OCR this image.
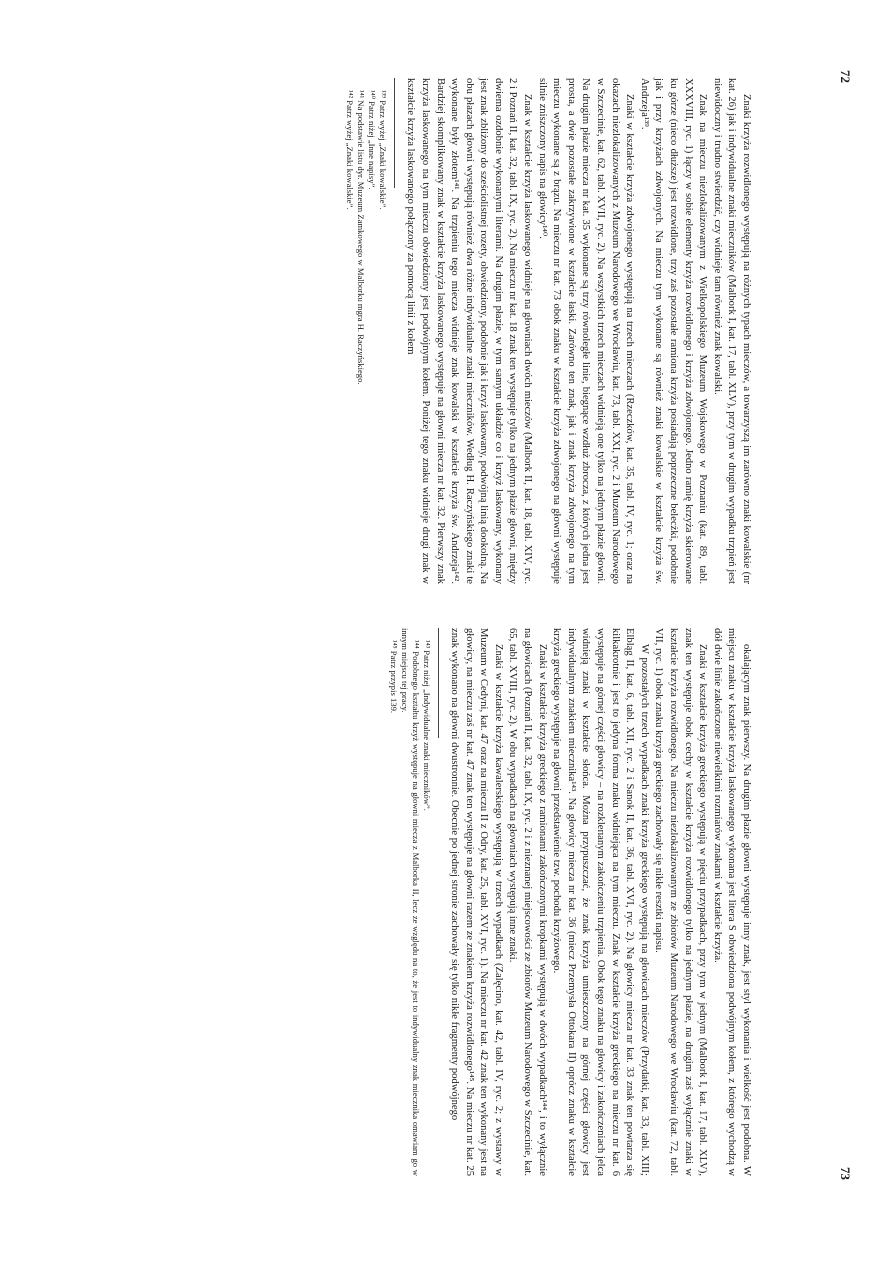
72

Znaki krzyża rozwidlonego występują na różnych typach mieczów, a towarzyszą im zarówno znaki kowalskie (nr kat. 26) jak i indywidualne znaki mieczników (Malbork I, kat. 17, tabl. XLV), przy tym w drugim wypadku trzpień jest niewidoczny i trudno stwierdzić, czy widnieje tam również znak kowalski.

Znak na mieczu niezlokalizowanym z Wielkopolskiego Muzeum Wojskowego w Poznaniu (kat. 89, tabl. XXXVIII, ryc. 1) łączy w sobie elementy krzyża rozwidlonego i krzyża zdwojonego. Jedno ramię krzyża skierowane ku górze (nieco dłuższe) jest rozwidlone, trzy zaś pozostałe ramiona krzyża posiadają poprzeczne belecżki, podobnie jak i przy krzyżach zdwojonych. Na mieczu tym wykonane są również znaki kowalskie w kształcie krzyża św. Andrzeja¹³⁹.

Znaki w kształcie krzyża zdwojonego występują na trzech mieczach (Rzeczków, kat. 35, tabl. IV, ryc. 1; oraz na okazach niezlokalizowanych z Muzeum Narodowego we Wrocławiu, kat. 73, tabl. XXI, ryc. 2 i Muzeum Narodowego w Szczecinie, kat. 62, tabl. XVII, ryc. 2). Na wszystkich trzech mieczach widnieją one tylko na jednym płazie głowni. Na drugim płazie miecza nr kat. 35 wykonane są trzy równoległe linie, biegnące wzdłuż zbrocza, z których jedna jest prosta, a dwie pozostałe zakrzywione w kształcie łaski. Zarówno ten znak, jak i znak krzyża zdwojonego na tym mieczu wykonane są z brązu. Na mieczu nr kat. 73 obok znaku w kształcie krzyża zdwojonego na głowni występuje silnie zniszczony napis na głowicy¹⁴⁰.

Znak w kształcie krzyża laskowanego widnieje na głowniach dwóch mieczów (Malbork II, kat. 18, tabl. XIV, ryc. 2 i Poznań II, kat. 32, tabl. IX, ryc. 2). Na mieczu nr kat. 18 znak ten występuje tylko na jednym płazie głowni, między dwiema ozdobnie wykonanymi literami. Na drugim płazie, w tym samym układzie co i krzyż laskowany, wykonany jest znak zbliżony do sześciolistnej rozety, obwiedziony, podobnie jak i krzyż laskowany, podwójną linią dookolną. Na obu płazach głowni występują również dwa różne indywidualne znaki mieczników. Według H. Raczyńskiego znaki te wykonane były złotem¹⁴¹. Na trzpieniu tego miecza widnieje znak kowalski w kształcie krzyża św. Andrzeja¹⁴². Bardziej skomplikowany znak w kształcie krzyża laskowanego występuje na głowni miecza nr kat. 32. Pierwszy znak krzyża laskowanego na tym mieczu obwiedziony jest podwójnym kołem. Poniżej tego znaku widnieje drugi znak w kształcie krzyża laskowanego połączony za pomocą linii z kołem

¹³⁹ Patrz wyżej „Znaki kowalskie”.

¹⁴⁰ Patrz niżej „Inne napisy”.

¹⁴¹ Na podstawie listu dyr. Muzeum Zamkowego w Malborku mgra H. Raczyńskiego.

¹⁴² Patrz wyżej „Znaki kowalskie”.

73

okalającym znak pierwszy. Na drugim płazie głowni występuje inny znak, jest styl wykonania i wielkość jest podobna. W miejscu znaku w kształcie krzyża laskowanego wykonana jest litera S obwiedziona podwójnym kołem, z którego wychodzą w dół dwie linie zakończone niewielkimi rozmiarów znakami w kształcie krzyża.

Znaki w kształcie krzyża greckiego występują w pięciu przypadkach, przy tym w jednym (Malbork I, kat. 17, tabl. XLV), znak ten występuje obok cechy w kształcie krzyża rozwidlonego tylko na jednym płazie, na drugim zaś wyłącznie znaki w kształcie krzyża rozwidlonego. Na mieczu niezlokalizowanym ze zbiorów Muzeum Narodowego we Wrocławiu (kat. 72, tabl. VII, ryc. 1) obok znaku krzyża greckiego zachowały się nikłe resztki napisu.

W pozostałych trzech wypadkach znaki krzyża greckiego występują na głowicach mieczów (Przydatki, kat. 33, tabl. XIII; Elbląg II, kat. 6, tabl. XII, ryc. 2 i Sanok II, kat. 36, tabl. XVI, ryc. 2). Na głowicy miecza nr kat. 33 znak ten powtarza się kilkakrotnie i jest to jedyna forma znaku widniejąca na tym mieczu. Znak w kształcie krzyża greckiego na mieczu nr kat. 6 występuje na górnej części głowicy – na rozkleпаnym zakończeniu trzpienia. Obok tego znaku na głowicy i zakończeniach jelca widnieją znaki w kształcie słońca. Można przypuszczać, że znak krzyża umieszczony na górnej części głowicy jest indywidualnym znakiem miecznika¹⁴³. Na głowicy miecza nr kat. 36 (miecz Przemysła Ottokara II) oprócz znaku w kształcie krzyża greckiego występuje na głowni przedstawienie tzw. pochodu krzyżowego.

Znaki w kształcie krzyża greckiego z ramionami zakończonymi kropkami występują w dwóch wypadkach¹⁴⁴, i to wyłącznie na głowicach (Poznań II, kat. 32, tabl. IX, ryc. 2 i z nieznanej miejscowości ze zbiorów Muzeum Narodowego w Szczecinie, kat. 65, tabl. XVIII, ryc. 2). W obu wypadkach na głowniach występują inne znaki.

Znaki w kształcie krzyża kawalerskiego występują w trzech wypadkach (Zalęcino, kat. 42, tabl. IV, ryc. 2; z wystawy w Muzeum w Cedyni, kat. 47 oraz na mieczu II z Odry, kat. 25, tabl. XVI, ryc. 1). Na mieczu nr kat. 42 znak ten wykonany jest na głowicy, na mieczu zaś nr kat. 47 znak ten występuje na głowni razem ze znakiem krzyża rozwidlonego¹⁴⁵. Na mieczu nr kat. 25 znak wykonano na głowni dwustronnie. Obecnie po jednej stronie zachowały się tylko nikłe fragmenty podwójnego

¹⁴³ Patrz niżej „Indywidualne znaki mieczników”.

¹⁴⁴ Podobnego kształtu krzyż występuje na głowni miecza z Malborka II, lecz ze względu na to, że jest to indywidualny znak miecznika omawiam go w innym miejscu tej pracy.

¹⁴⁵ Patrz przypis 139.
